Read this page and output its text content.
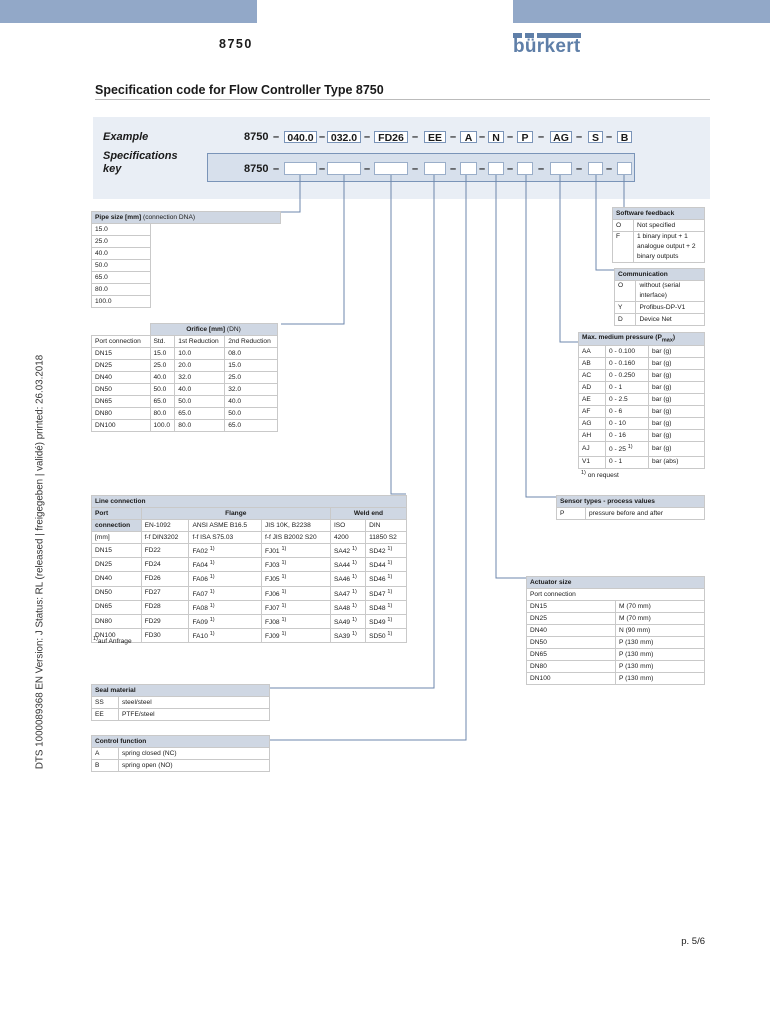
8750	bürkert
Specification code for Flow Controller Type 8750
Example
Specifications
key
8750 – 040.0 – 032.0 – FD26 – EE – A – N – P – AG – S – B
8750 –	–	–	–	– – – –	– –
Pipe size [mm] (connection DNA)
15.0
25.0
40.0
50.0
65.0
80.0
100.0
	Orifice [mm] (DN)		
Port connection	Std.	1st Reduction	2nd Reduction
DN15	15.0	10.0	08.0
DN25	25.0	20.0	15.0
DN40	40.0	32.0	25.0
DN50	50.0	40.0	32.0
DN65	65.0	50.0	40.0
DN80	80.0	65.0	50.0
DN100	100.0	80.0	65.0
Line connection					
Port	Flange			Weld end	
connection	EN-1092	ANSI ASME B16.5	JIS 10K, B2238	ISO	DIN
[mm]	f-f DIN3202	f-f ISA S75.03	f-f JIS B2002 S20	4200	11850 S2
DN15	FD22	FA02 $^{1)}$	FJ01 $^{1)}$	SA42 $^{1)}$	SD42 $^{1)}$
DN25	FD24	FA04 $^{1)}$	FJ03 $^{1)}$	SA44 $^{1)}$	SD44 $^{1)}$
DN40	FD26	FA06 $^{1)}$	FJ05 $^{1)}$	SA46 $^{1)}$	SD46 $^{1)}$
DN50	FD27	FA07 $^{1)}$	FJ06 $^{1)}$	SA47 $^{1)}$	SD47 $^{1)}$
DN65	FD28	FA08 $^{1)}$	FJ07 $^{1)}$	SA48 $^{1)}$	SD48 $^{1)}$
DN80	FD29	FA09 $^{1)}$	FJ08 $^{1)}$	SA49 $^{1)}$	SD49 $^{1)}$
DN100	FD30	FA10 $^{1)}$	FJ09 $^{1)}$	SA39 $^{1)}$	SD50 $^{1)}$
$^{1)}$auf Anfrage
Seal material	
SS	steel/steel
EE	PTFE/steel
Control function	
A	spring closed (NC)
B	spring open (NO)
Software feedback	
O	Not specified
F	1 binary input + 1 analogue output + 2 binary outputs
Communication	
O	without (serial interface)
Y	Profibus-DP-V1
D	Device Net
Max. medium pressure $(P_{max})$		
AA	0 - 0.100	bar (g)
AB	0 - 0.160	bar (g)
AC	0 - 0.250	bar (g)
AD	0 - 1	bar (g)
AE	0 - 2.5	bar (g)
AF	0 - 6	bar (g)
AG	0 - 10	bar (g)
AH	0 - 16	bar (g)
AJ	0 - 25 $^{1)}$	bar (g)
V1	0 - 1	bar (abs)
$^{1)}$ on request
Sensor types - process values
P	pressure before and after
Actuator size	
Port connection	
DN15	M (70 mm)
DN25	M (70 mm)
DN40	N (90 mm)
DN50	P (130 mm)
DN65	P (130 mm)
DN80	P (130 mm)
DN100	P (130 mm)
DTS 1000089368 EN Version: J Status: RL (released | freigegeben | validé) printed: 26.03.2018
p. 5/6
